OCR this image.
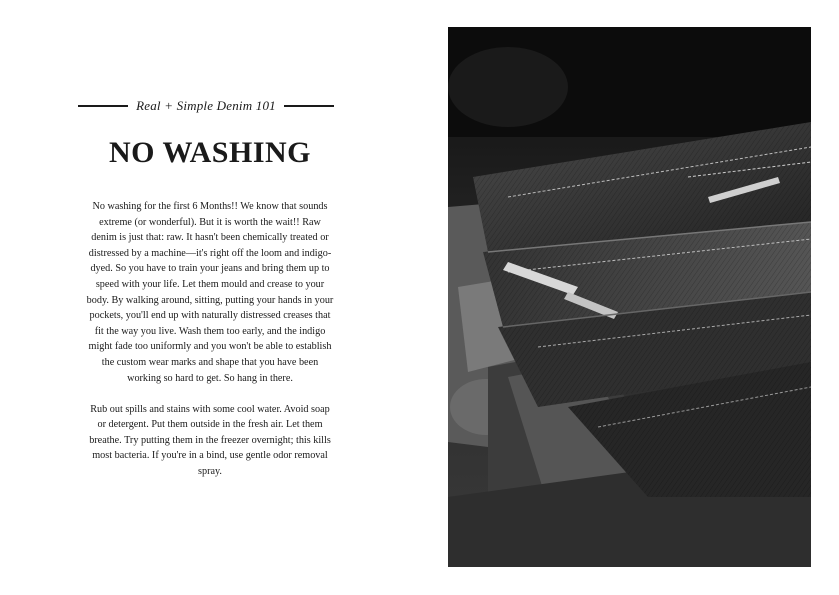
Real + Simple Denim 101
NO WASHING

No washing for the first 6 Months!! We know that sounds extreme (or wonderful). But it is worth the wait!! Raw denim is just that: raw. It hasn't been chemically treated or distressed by a machine—it's right off the loom and indigo-dyed. So you have to train your jeans and bring them up to speed with your life. Let them mould and crease to your body. By walking around, sitting, putting your hands in your pockets, you'll end up with naturally distressed creases that fit the way you live. Wash them too early, and the indigo might fade too uniformly and you won't be able to establish the custom wear marks and shape that you have been working so hard to get. So hang in there.

Rub out spills and stains with some cool water. Avoid soap or detergent. Put them outside in the fresh air. Let them breathe. Try putting them in the freezer overnight; this kills most bacteria. If you're in a bind, use gentle odor removal spray.
